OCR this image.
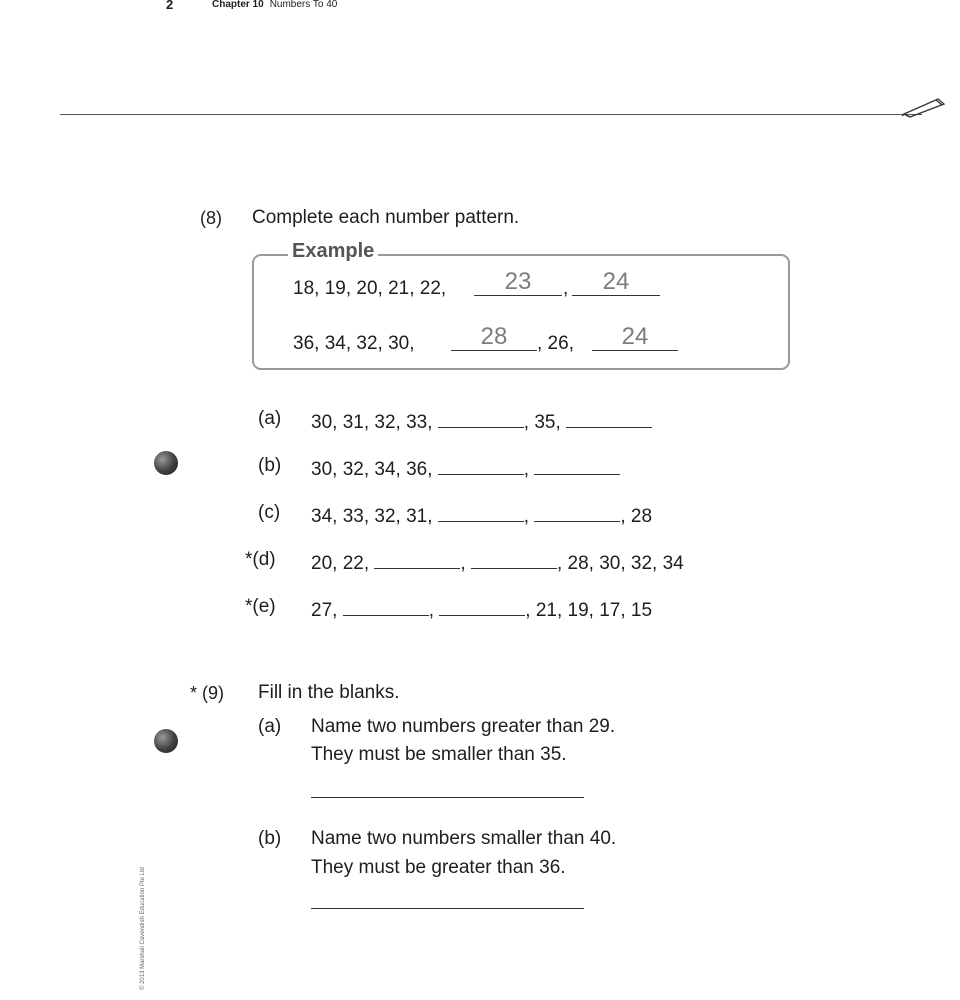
2	Chapter 10 Numbers To 40
(8) Complete each number pattern.
Example
18, 19, 20, 21, 22,	23	,	24
36, 34, 32, 30,	28	, 26,	24
(a) 30, 31, 32, 33,	, 35,
(b) 30, 32, 34, 36,	,
(c) 34, 33, 32, 31,	,	, 28
*(d) 20, 22,	,	, 28, 30, 32, 34
*(e) 27,	,	, 21, 19, 17, 15
* (9) Fill in the blanks.
(a) Name two numbers greater than 29.
They must be smaller than 35.
(b) Name two numbers smaller than 40.
They must be greater than 36.
© 2013 Marshall Cavendish Education Pte Ltd
